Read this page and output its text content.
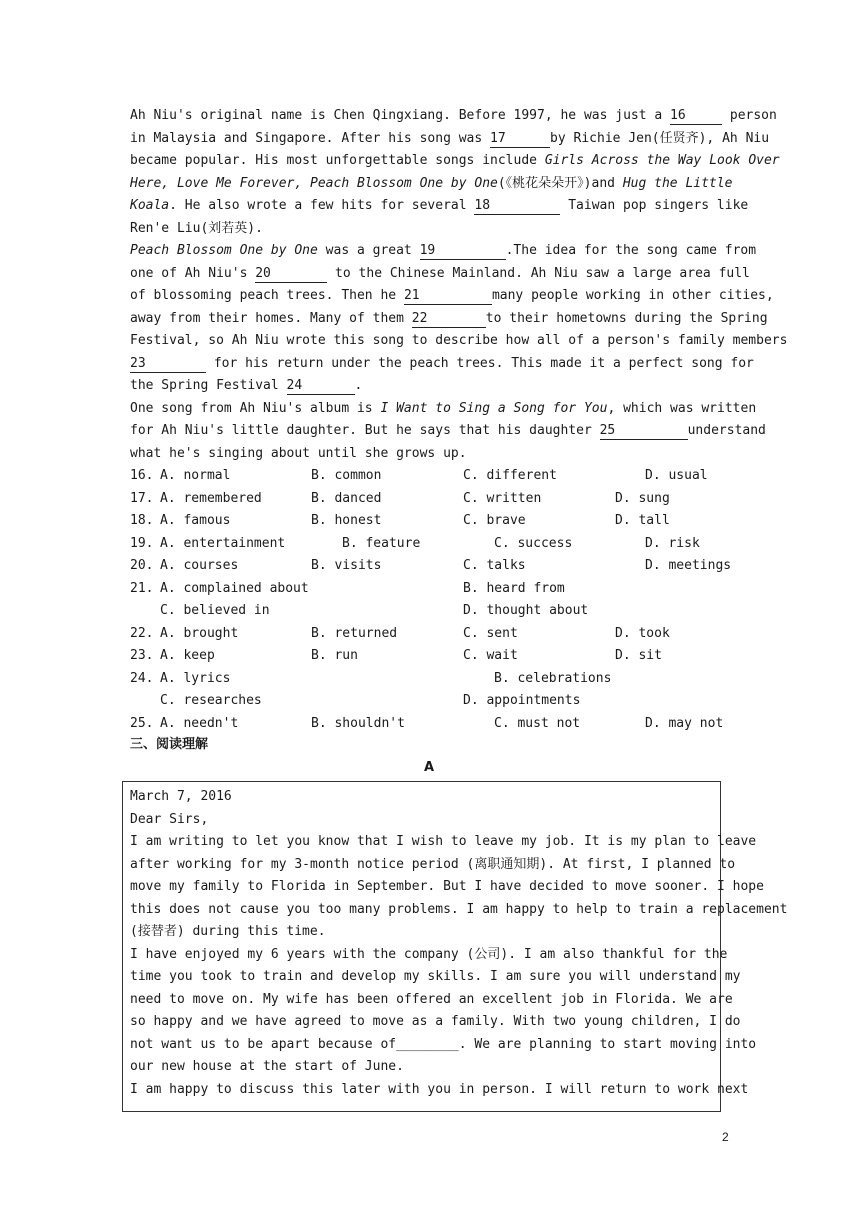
Ah Niu's original name is Chen Qingxiang. Before 1997, he was just a 16	person
in Malaysia and Singapore. After his song was 17	by Richie Jen(任贤齐), Ah Niu
became popular. His most unforgettable songs include Girls Across the Way Look Over
Here, Love Me Forever, Peach Blossom One by One(《桃花朵朵开》)and Hug the Little
Koala. He also wrote a few hits for several 18	Taiwan pop singers like
Ren'e Liu(刘若英).
Peach Blossom One by One was a great 19	.The idea for the song came from
one of Ah Niu's 20	to the Chinese Mainland. Ah Niu saw a large area full
of blossoming peach trees. Then he 21	many people working in other cities,
away from their homes. Many of them 22	to their hometowns during the Spring
Festival, so Ah Niu wrote this song to describe how all of a person's family members
23	for his return under the peach trees. This made it a perfect song for
the Spring Festival 24	.
One song from Ah Niu's album is I Want to Sing a Song for You, which was written
for Ah Niu's little daughter. But he says that his daughter 25	understand
what he's singing about until she grows up.
16. A. normal	B. common	C. different	D. usual
17. A. remembered	B. danced	C. written	D. sung
18. A. famous	B. honest	C. brave	D. tall
19. A. entertainment	B. feature	C. success	D. risk
20. A. courses	B. visits	C. talks	D. meetings
21. A. complained about	B. heard from
C. believed in	D. thought about
22. A. brought	B. returned	C. sent	D. took
23. A. keep	B. run	C. wait	D. sit
24. A. lyrics	B. celebrations
C. researches	D. appointments
25. A. needn't	B. shouldn't	C. must not	D. may not
三、阅读理解
A
March 7, 2016
Dear Sirs,
I am writing to let you know that I wish to leave my job. It is my plan to leave
after working for my 3-month notice period (离职通知期). At first, I planned to
move my family to Florida in September. But I have decided to move sooner. I hope
this does not cause you too many problems. I am happy to help to train a replacement
(接替者) during this time.
I have enjoyed my 6 years with the company (公司). I am also thankful for the
time you took to train and develop my skills. I am sure you will understand my
need to move on. My wife has been offered an excellent job in Florida. We are
so happy and we have agreed to move as a family. With two young children, I do
not want us to be apart because of________. We are planning to start moving into
our new house at the start of June.
I am happy to discuss this later with you in person. I will return to work next
2
